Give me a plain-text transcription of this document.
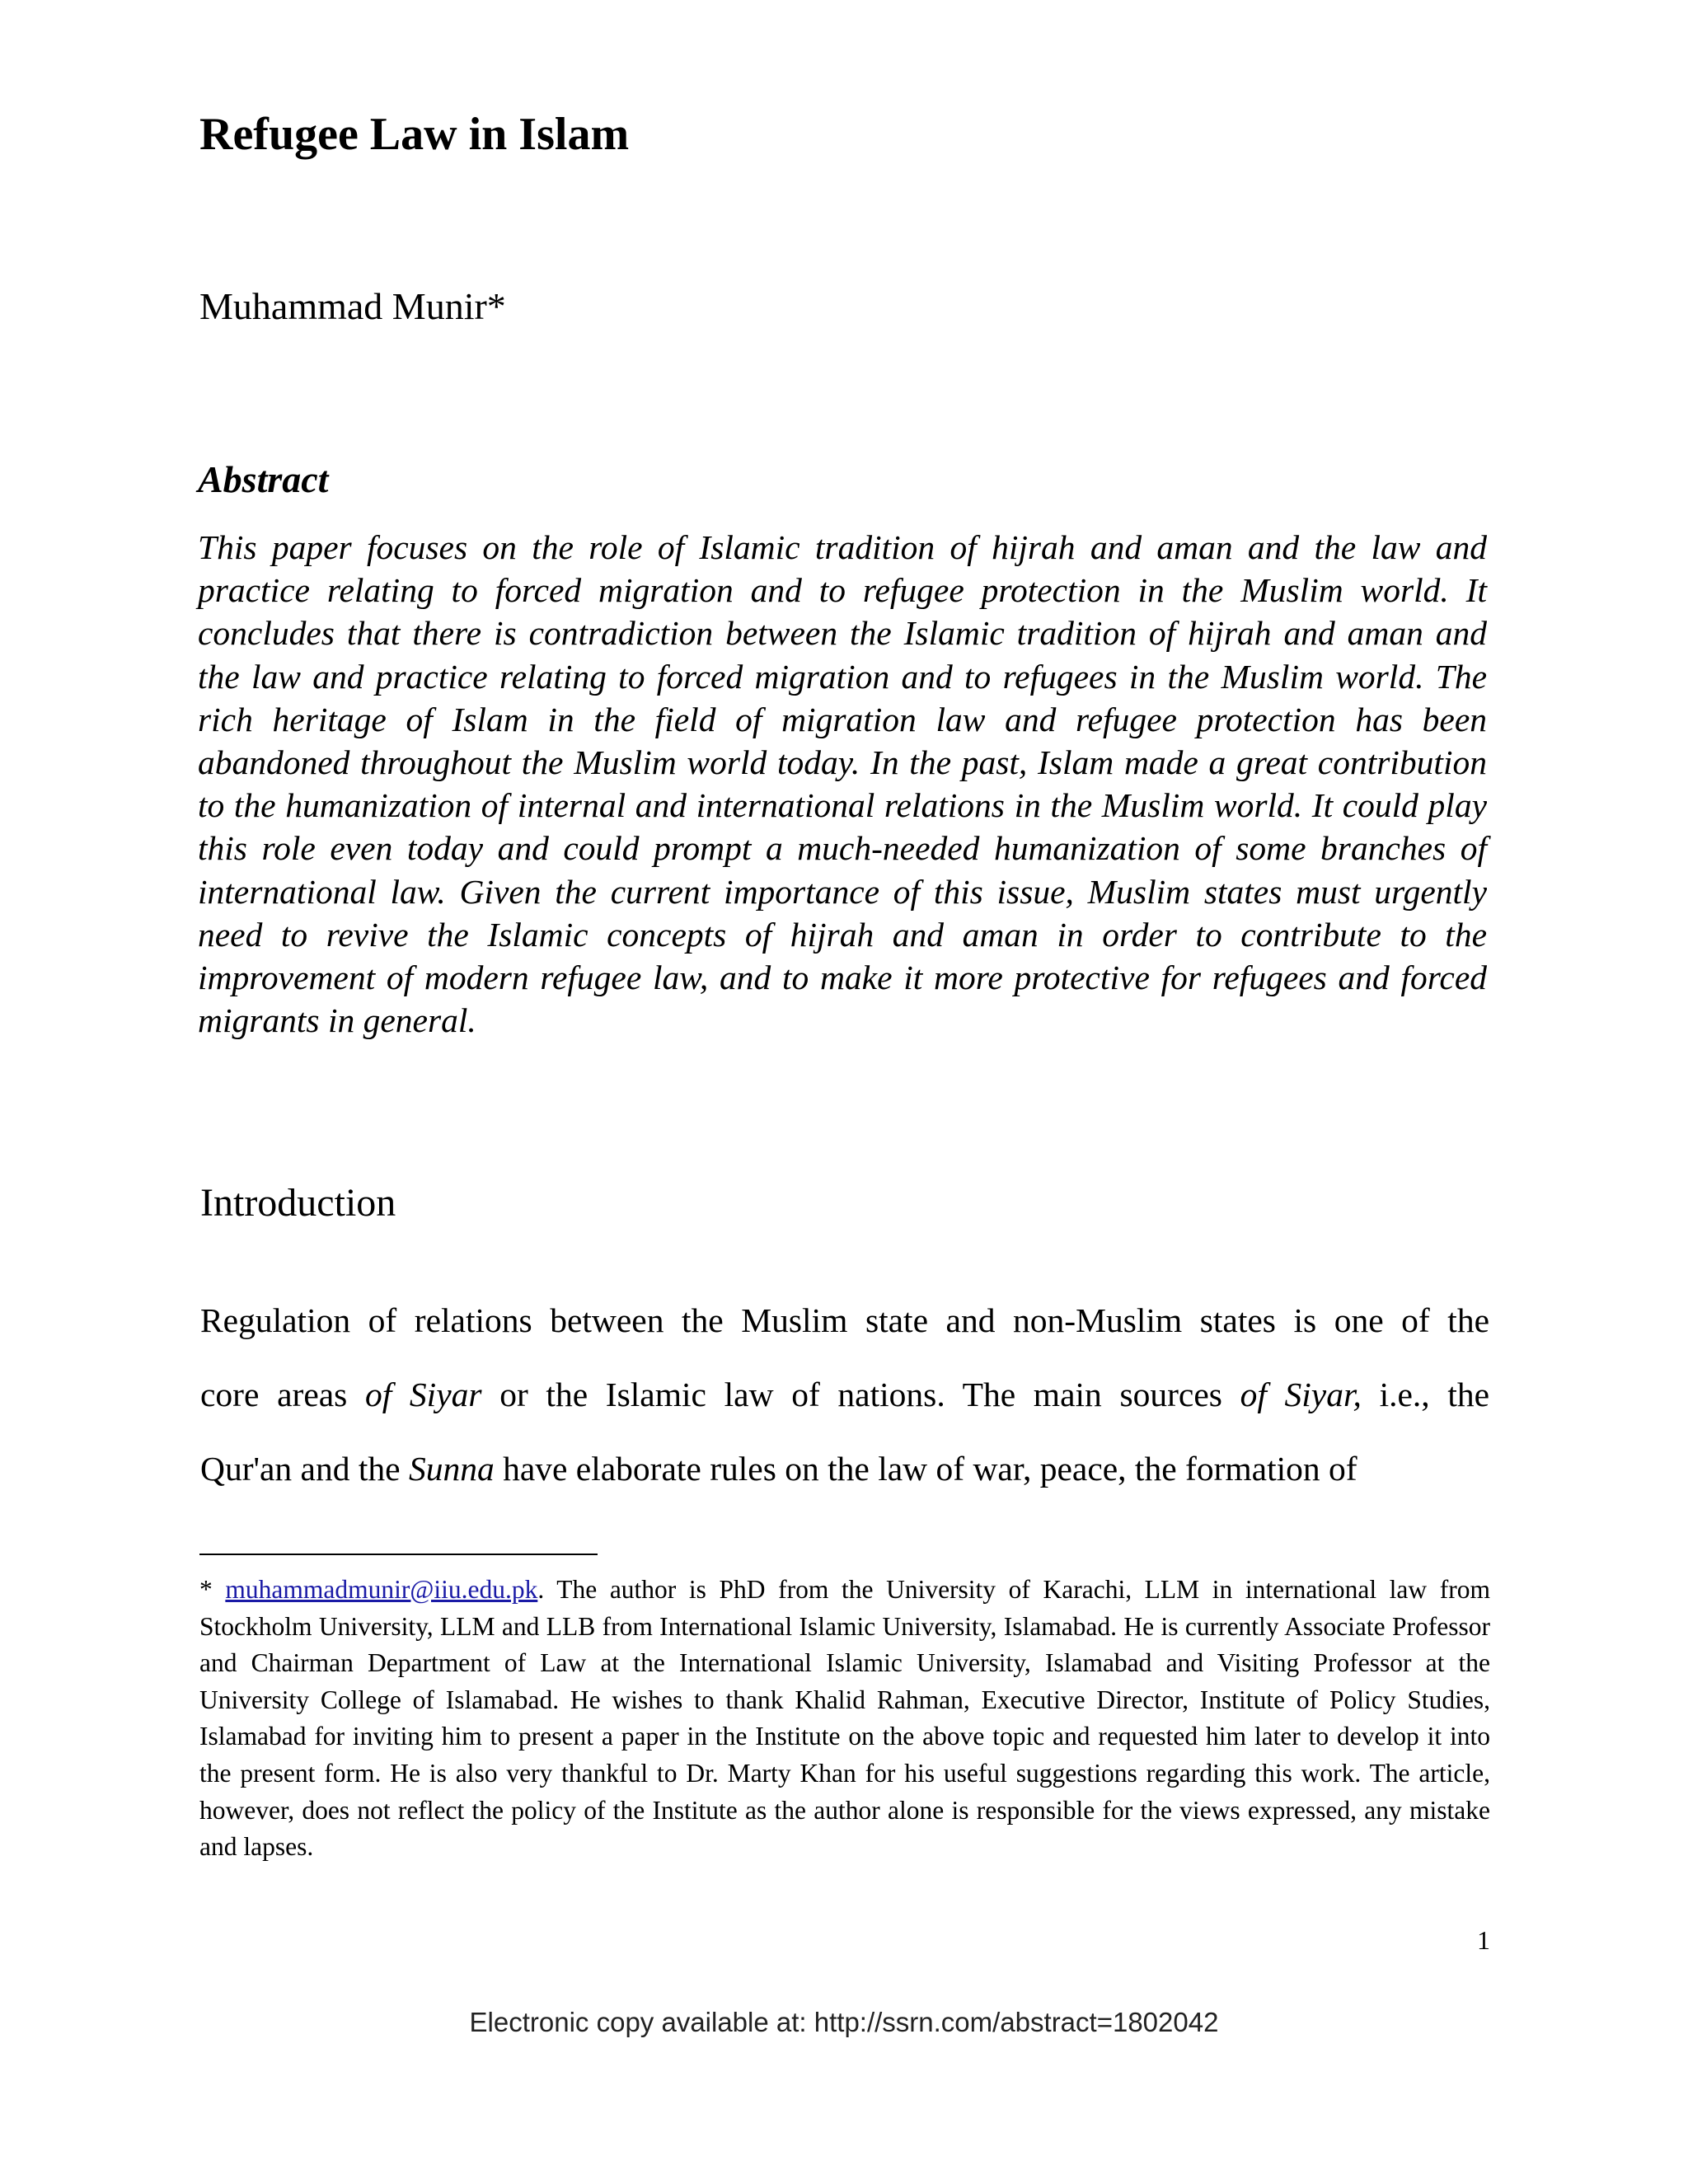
Refugee Law in Islam
Muhammad Munir*
Abstract

This paper focuses on the role of Islamic tradition of hijrah and aman and the law and practice relating to forced migration and to refugee protection in the Muslim world. It concludes that there is contradiction between the Islamic tradition of hijrah and aman and the law and practice relating to forced migration and to refugees in the Muslim world. The rich heritage of Islam in the field of migration law and refugee protection has been abandoned throughout the Muslim world today. In the past, Islam made a great contribution to the humanization of internal and international relations in the Muslim world. It could play this role even today and could prompt a much-needed humanization of some branches of international law. Given the current importance of this issue, Muslim states must urgently need to revive the Islamic concepts of hijrah and aman in order to contribute to the improvement of modern refugee law, and to make it more protective for refugees and forced migrants in general.

Introduction
Regulation of relations between the Muslim state and non-Muslim states is one of the
core areas of Siyar or the Islamic law of nations. The main sources of Siyar, i.e., the
Qur'an and the Sunna have elaborate rules on the law of war, peace, the formation of

* muhammadmunir@iiu.edu.pk. The author is PhD from the University of Karachi, LLM in international law from Stockholm University, LLM and LLB from International Islamic University, Islamabad. He is currently Associate Professor and Chairman Department of Law at the International Islamic University, Islamabad and Visiting Professor at the University College of Islamabad. He wishes to thank Khalid Rahman, Executive Director, Institute of Policy Studies, Islamabad for inviting him to present a paper in the Institute on the above topic and requested him later to develop it into the present form. He is also very thankful to Dr. Marty Khan for his useful suggestions regarding this work. The article, however, does not reflect the policy of the Institute as the author alone is responsible for the views expressed, any mistake and lapses.

1
Electronic copy available at: http://ssrn.com/abstract=1802042
